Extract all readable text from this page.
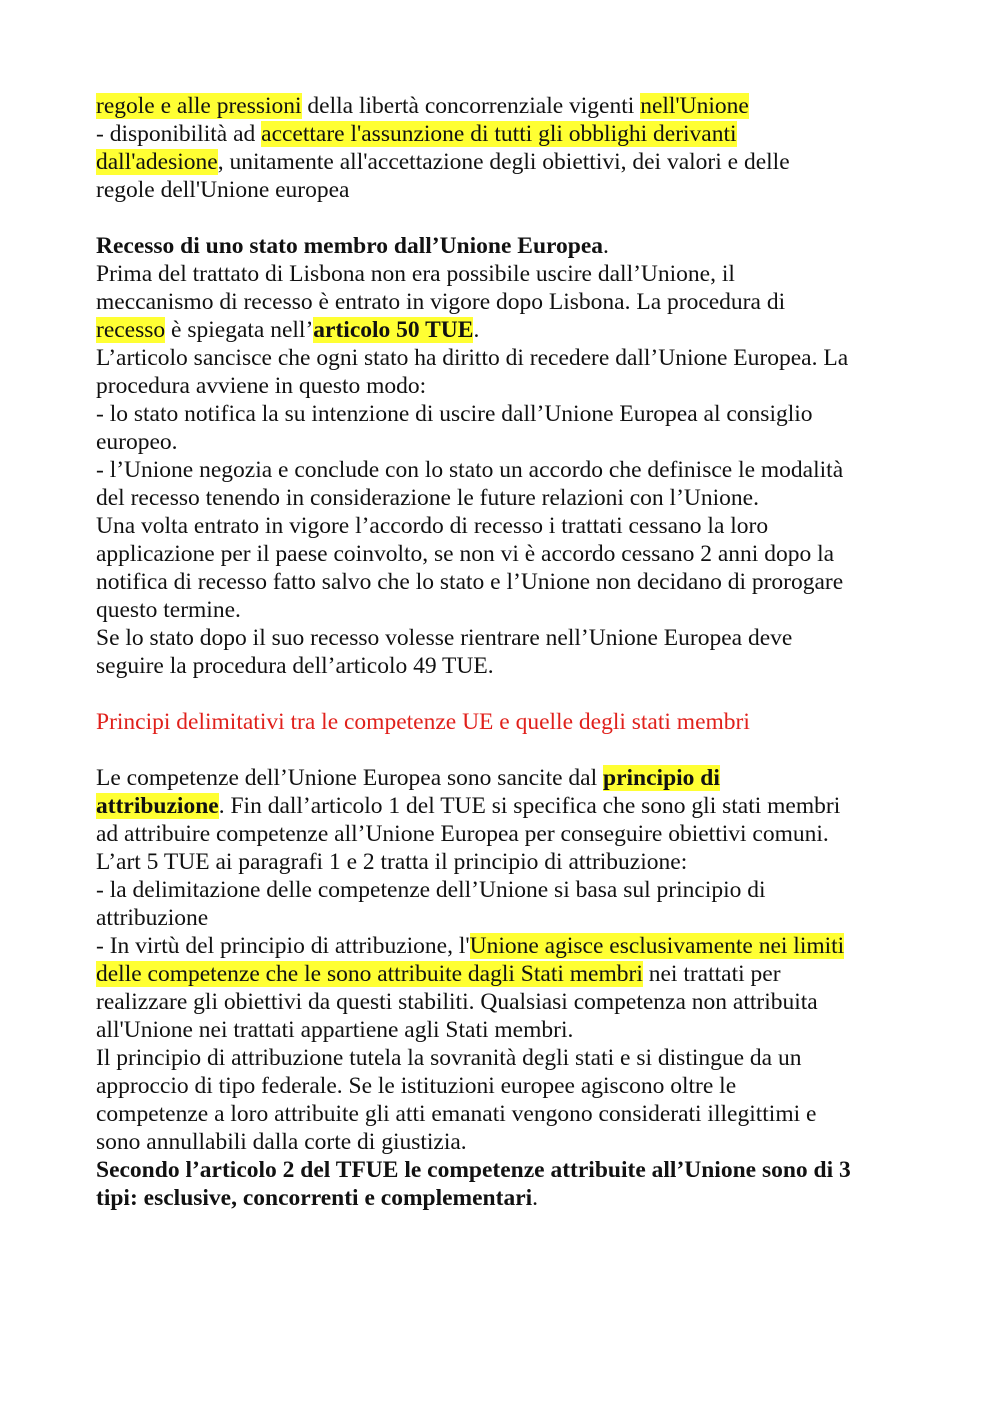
regole e alle pressioni della libertà concorrenziale vigenti nell'Unione
- disponibilità ad accettare l'assunzione di tutti gli obblighi derivanti
dall'adesione, unitamente all'accettazione degli obiettivi, dei valori e delle
regole dell'Unione europea
Recesso di uno stato membro dall’Unione Europea.
Prima del trattato di Lisbona non era possibile uscire dall’Unione, il
meccanismo di recesso è entrato in vigore dopo Lisbona. La procedura di
recesso è spiegata nell’articolo 50 TUE.
L’articolo sancisce che ogni stato ha diritto di recedere dall’Unione Europea. La
procedura avviene in questo modo:
- lo stato notifica la su intenzione di uscire dall’Unione Europea al consiglio
europeo.
- l’Unione negozia e conclude con lo stato un accordo che definisce le modalità
del recesso tenendo in considerazione le future relazioni con l’Unione.
Una volta entrato in vigore l’accordo di recesso i trattati cessano la loro
applicazione per il paese coinvolto, se non vi è accordo cessano 2 anni dopo la
notifica di recesso fatto salvo che lo stato e l’Unione non decidano di prorogare
questo termine.
Se lo stato dopo il suo recesso volesse rientrare nell’Unione Europea deve
seguire la procedura dell’articolo 49 TUE.
Principi delimitativi tra le competenze UE e quelle degli stati membri
Le competenze dell’Unione Europea sono sancite dal principio di
attribuzione. Fin dall’articolo 1 del TUE si specifica che sono gli stati membri
ad attribuire competenze all’Unione Europea per conseguire obiettivi comuni.
L’art 5 TUE ai paragrafi 1 e 2 tratta il principio di attribuzione:
- la delimitazione delle competenze dell’Unione si basa sul principio di
attribuzione
- In virtù del principio di attribuzione, l'Unione agisce esclusivamente nei limiti
delle competenze che le sono attribuite dagli Stati membri nei trattati per
realizzare gli obiettivi da questi stabiliti. Qualsiasi competenza non attribuita
all'Unione nei trattati appartiene agli Stati membri.
Il principio di attribuzione tutela la sovranità degli stati e si distingue da un
approccio di tipo federale. Se le istituzioni europee agiscono oltre le
competenze a loro attribuite gli atti emanati vengono considerati illegittimi e
sono annullabili dalla corte di giustizia.
Secondo l’articolo 2 del TFUE le competenze attribuite all’Unione sono di 3
tipi: esclusive, concorrenti e complementari.
